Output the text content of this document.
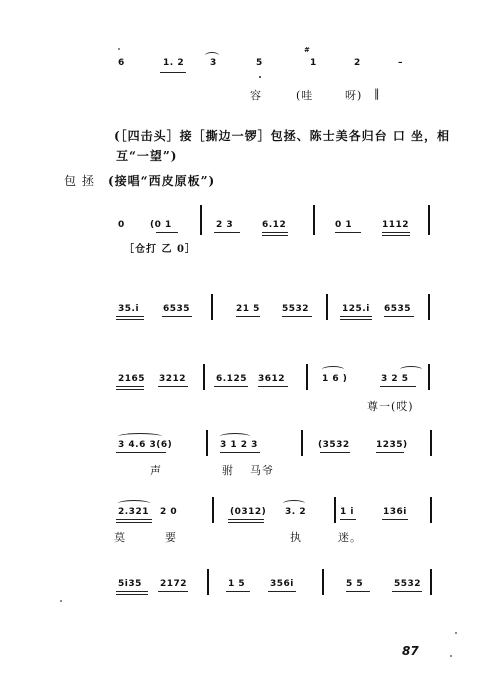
6	1. 2	3	5
#
1	2	–
容	(哇	呀) ‖
(［四击头］接［撕边一锣］包拯、陈士美各归台 口 坐，相
互“一望”)
包 拯 (接唱“西皮原板”)
0	(0 1	2 3	6.12	0 1	1112
［仓打 乙 0］
35.i	6535	21 5 5532	125.i 6535
2165 3212	6.125 3612	1 6 )	3 2 5
尊一(哎)
3 4.6 3(6)	3 1 2 3	(3532	1235)
声	驸 马爷
2.321 2 0	(0312) 3. 2	1 i	136i
莫	要	执	迷。
5i35 2172	1 5	356i	5 5	5532
87
